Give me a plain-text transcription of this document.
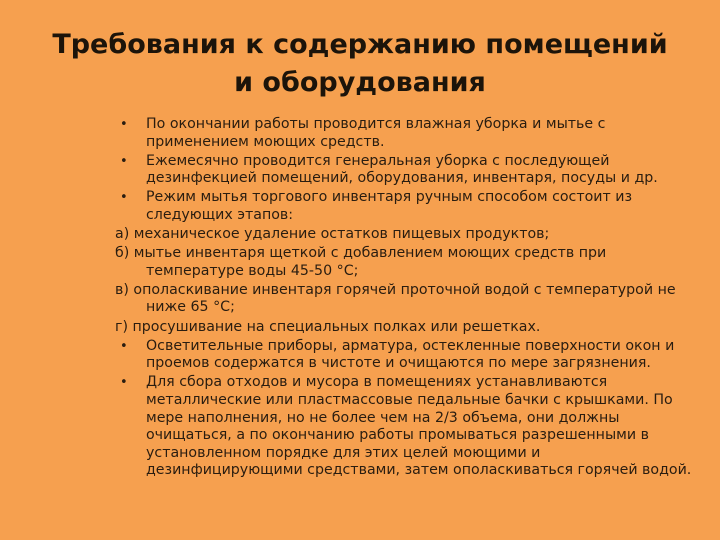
Требования к содержанию помещений
и оборудования

• По окончании работы проводится влажная уборка и мытье с применением моющих средств.

• Ежемесячно проводится генеральная уборка с последующей дезинфекцией помещений, оборудования, инвентаря, посуды и др.

• Режим мытья торгового инвентаря ручным способом состоит из следующих этапов:

а) механическое удаление остатков пищевых продуктов;

б) мытье инвентаря щеткой с добавлением моющих средств при температуре воды 45-50 °С;

в) ополаскивание инвентаря горячей проточной водой с температурой не ниже 65 °С;

г) просушивание на специальных полках или решетках.

• Осветительные приборы, арматура, остекленные поверхности окон и проемов содержатся в чистоте и очищаются по мере загрязнения.

• Для сбора отходов и мусора в помещениях устанавливаются металлические или пластмассовые педальные бачки с крышками. По мере наполнения, но не более чем на 2/3 объема, они должны очищаться, а по окончанию работы промываться разрешенными в установленном порядке для этих целей моющими и дезинфицирующими средствами, затем ополаскиваться горячей водой.
